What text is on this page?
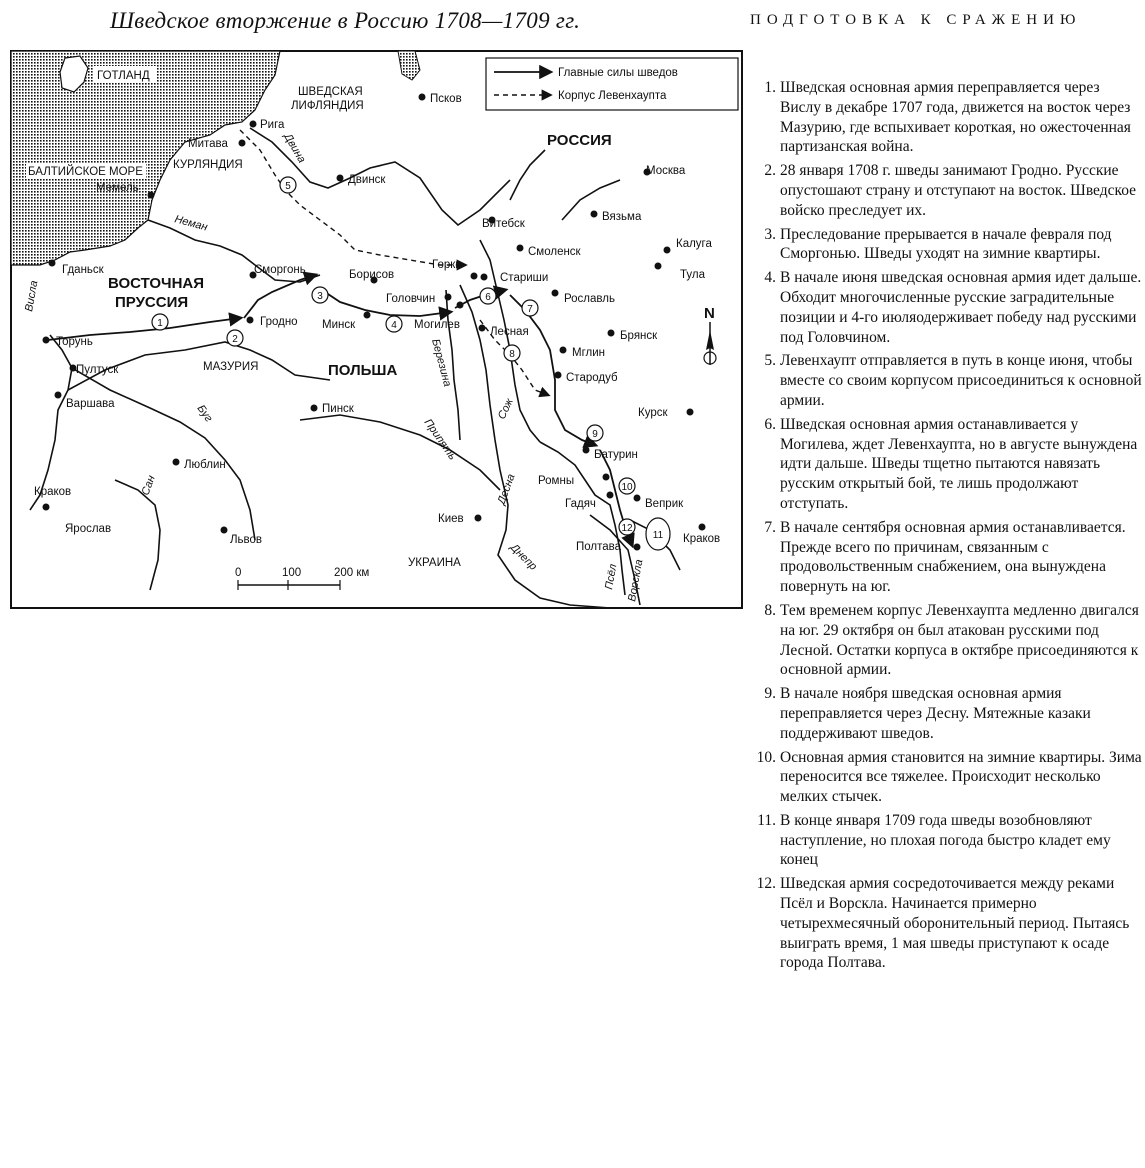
Шведское вторжение в Россию 1708—1709 гг.	ПОДГОТОВКА К СРАЖЕНИЮ
ГОТЛАНД
ШВЕДСКАЯ
ЛИФЛЯНДИЯ
БАЛТИЙСКОЕ МОРЕ
КУРЛЯНДИЯ
РОССИЯ
ВОСТОЧНАЯ
ПРУССИЯ
МАЗУРИЯ	ПОЛЬША
УКРАИНА
Главные силы шведов
Корпус Левенхаупта
1
2
3
4
5
6
7
8
9
10
11
12
Псков
Рига
Митава
Двинск
Мемель
Москва
Витебск
Вязьма
Смоленск
Калуга
Тула
Гданьск	Сморгонь	Борисов
Горки
Стариши
Рославль
Головчин
Гродно Минск	Могилев
Лесная	Брянск
Торунь
Пултуск
Мглин
Стародуб
Варшава	Пинск	Курск
Батурин
Люблин
Ромны
Краков
Гадяч	Веприк
Ярослав
Киев
Краков
Полтава
Львов
Неман
Двина
Висла
Буг
Березина
Сож
Припять
Десна
Сан
Днепр
Псёл Ворскла
0	100	200 км
N
1. Шведская основная армия переправляется через Вислу в декабре 1707 года, движется на восток через Мазурию, где вспыхивает короткая, но ожесточенная партизанская война.
2. 28 января 1708 г. шведы занимают Гродно. Русские опустошают страну и отступают на восток. Шведское войско преследует их.
3. Преследование прерывается в начале февраля под Сморгонью. Шведы уходят на зимние квартиры.
4. В начале июня шведская основная армия идет дальше. Обходит многочисленные русские заградительные позиции и 4-го июляодерживает победу над русскими под Головчином.
5. Левенхаупт отправляется в путь в конце июня, чтобы вместе со своим корпусом присоединиться к основной армии.
6. Шведская основная армия останавливается у Могилева, ждет Левенхаупта, но в августе вынуждена идти дальше. Шведы тщетно пытаются навязать русским открытый бой, те лишь продолжают отступать.
7. В начале сентября основная армия останавливается. Прежде всего по причинам, связанным с продовольственным снабжением, она вынуждена повернуть на юг.
8. Тем временем корпус Левенхаупта медленно двигался на юг. 29 октября он был атакован русскими под Лесной. Остатки корпуса в октябре присоединяются к основной армии.
9. В начале ноября шведская основная армия переправляется через Десну. Мятежные казаки поддерживают шведов.
10. Основная армия становится на зимние квартиры. Зима переносится все тяжелее. Происходит несколько мелких стычек.
11. В конце января 1709 года шведы возобновляют наступление, но плохая погода быстро кладет ему конец
12. Шведская армия сосредоточивается между реками Псёл и Ворскла. Начинается примерно четырехмесячный оборонительный период. Пытаясь выиграть время, 1 мая шведы приступают к осаде города Полтава.
